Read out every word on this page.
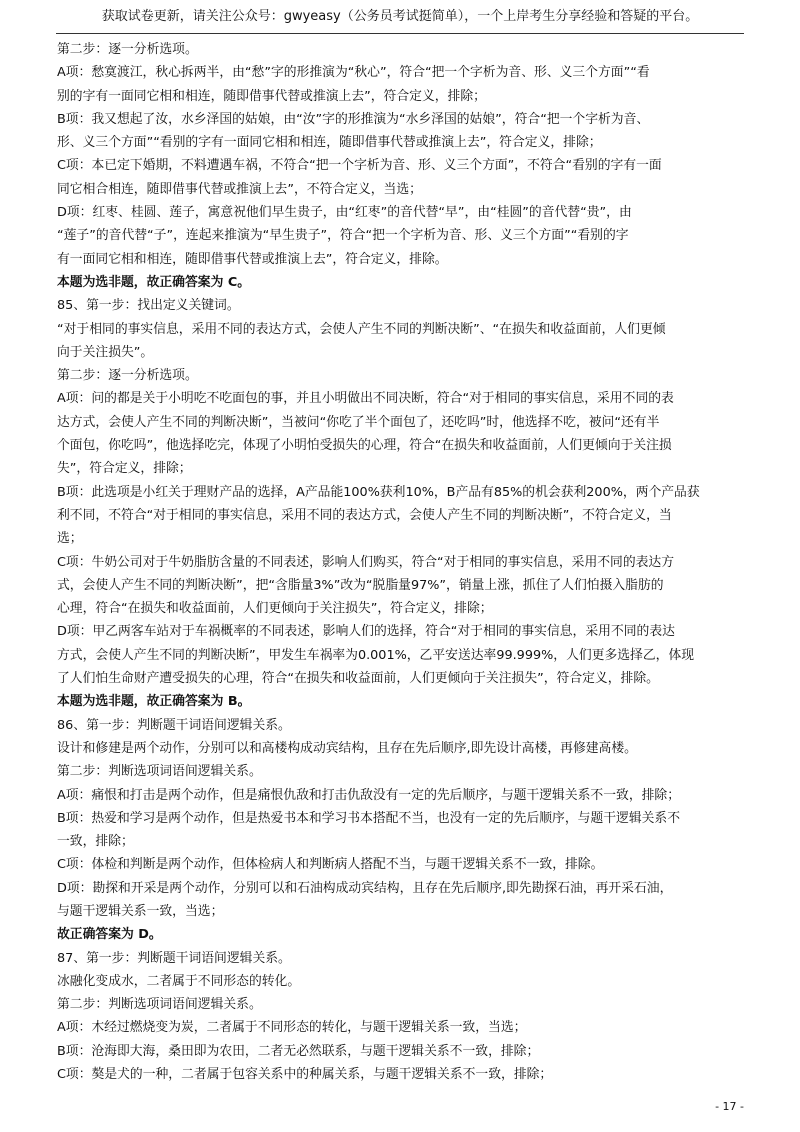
获取试卷更新，请关注公众号：gwyeasy（公务员考试挺简单），一个上岸考生分享经验和答疑的平台。

第二步：逐一分析选项。

A项：愁寞渡江，秋心拆两半，由“愁”字的形推演为“秋心”，符合“把一个字析为音、形、义三个方面”“看

别的字有一面同它相和相连，随即借事代替或推演上去”，符合定义，排除；

B项：我又想起了汝，水乡泽国的姑娘，由“汝”字的形推演为“水乡泽国的姑娘”，符合“把一个字析为音、

形、义三个方面”“看别的字有一面同它相和相连，随即借事代替或推演上去”，符合定义，排除；

C项：本已定下婚期，不料遭遇车祸，不符合“把一个字析为音、形、义三个方面”，不符合“看别的字有一面

同它相合相连，随即借事代替或推演上去”，不符合定义，当选；

D项：红枣、桂圆、莲子，寓意祝他们早生贵子，由“红枣”的音代替“早”，由“桂圆”的音代替“贵”，由

“莲子”的音代替“子”，连起来推演为“早生贵子”，符合“把一个字析为音、形、义三个方面”“看别的字

有一面同它相和相连，随即借事代替或推演上去”，符合定义，排除。

本题为选非题，故正确答案为 C。

85、第一步：找出定义关键词。

“对于相同的事实信息，采用不同的表达方式，会使人产生不同的判断决断”、“在损失和收益面前，人们更倾

向于关注损失”。

第二步：逐一分析选项。

A项：问的都是关于小明吃不吃面包的事，并且小明做出不同决断，符合“对于相同的事实信息，采用不同的表

达方式，会使人产生不同的判断决断”，当被问“你吃了半个面包了，还吃吗”时，他选择不吃，被问“还有半

个面包，你吃吗”，他选择吃完，体现了小明怕受损失的心理，符合“在损失和收益面前，人们更倾向于关注损

失”，符合定义，排除；

B项：此选项是小红关于理财产品的选择，A产品能100%获利10%，B产品有85%的机会获利200%，两个产品获

利不同，不符合“对于相同的事实信息，采用不同的表达方式，会使人产生不同的判断决断”，不符合定义，当

选；

C项：牛奶公司对于牛奶脂肪含量的不同表述，影响人们购买，符合“对于相同的事实信息，采用不同的表达方

式，会使人产生不同的判断决断”，把“含脂量3%”改为“脱脂量97%”，销量上涨，抓住了人们怕摄入脂肪的

心理，符合“在损失和收益面前，人们更倾向于关注损失”，符合定义，排除；

D项：甲乙两客车站对于车祸概率的不同表述，影响人们的选择，符合“对于相同的事实信息，采用不同的表达

方式，会使人产生不同的判断决断”，甲发生车祸率为0.001%，乙平安送达率99.999%，人们更多选择乙，体现

了人们怕生命财产遭受损失的心理，符合“在损失和收益面前，人们更倾向于关注损失”，符合定义，排除。

本题为选非题，故正确答案为 B。

86、第一步：判断题干词语间逻辑关系。

设计和修建是两个动作，分别可以和高楼构成动宾结构，且存在先后顺序,即先设计高楼，再修建高楼。

第二步：判断选项词语间逻辑关系。

A项：痛恨和打击是两个动作，但是痛恨仇敌和打击仇敌没有一定的先后顺序，与题干逻辑关系不一致，排除；

B项：热爱和学习是两个动作，但是热爱书本和学习书本搭配不当，也没有一定的先后顺序，与题干逻辑关系不

一致，排除；

C项：体检和判断是两个动作，但体检病人和判断病人搭配不当，与题干逻辑关系不一致，排除。

D项：勘探和开采是两个动作，分别可以和石油构成动宾结构，且存在先后顺序,即先勘探石油，再开采石油，

与题干逻辑关系一致，当选；

故正确答案为 D。

87、第一步：判断题干词语间逻辑关系。

冰融化变成水，二者属于不同形态的转化。

第二步：判断选项词语间逻辑关系。

A项：木经过燃烧变为炭，二者属于不同形态的转化，与题干逻辑关系一致，当选；

B项：沧海即大海，桑田即为农田，二者无必然联系，与题干逻辑关系不一致，排除；

C项：獒是犬的一种，二者属于包容关系中的种属关系，与题干逻辑关系不一致，排除；

- 17 -
